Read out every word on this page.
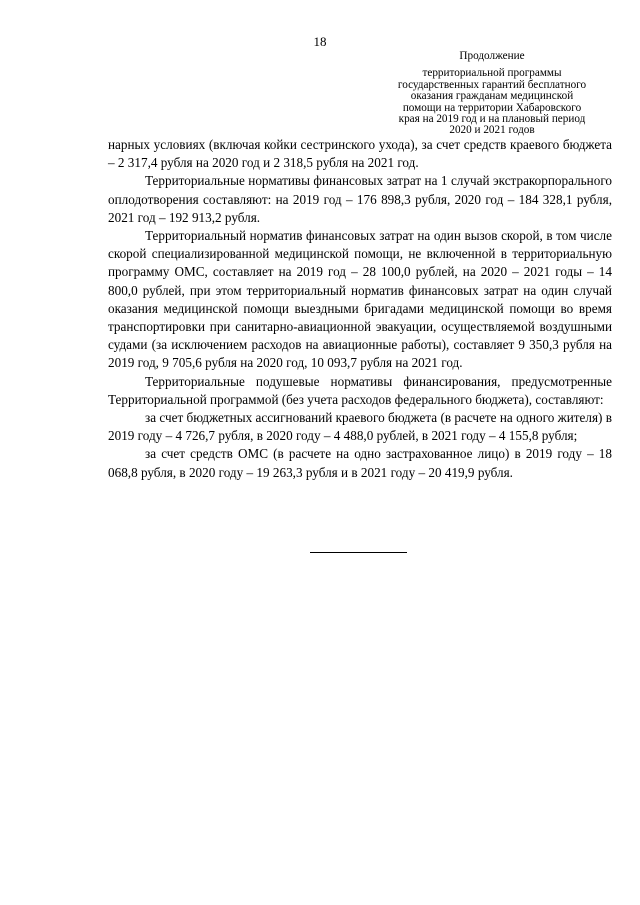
18
Продолжение
территориальной программы
государственных гарантий бесплатного
оказания гражданам медицинской
помощи на территории Хабаровского
края на 2019 год и на плановый период
2020 и 2021 годов

нарных условиях (включая койки сестринского ухода), за счет средств краевого бюджета – 2 317,4 рубля на 2020 год и 2 318,5 рубля на 2021 год.

Территориальные нормативы финансовых затрат на 1 случай экстракорпорального оплодотворения составляют: на 2019 год – 176 898,3 рубля, 2020 год – 184 328,1 рубля, 2021 год – 192 913,2 рубля.

Территориальный норматив финансовых затрат на один вызов скорой, в том числе скорой специализированной медицинской помощи, не включенной в территориальную программу ОМС, составляет на 2019 год – 28 100,0 рублей, на 2020 – 2021 годы – 14 800,0 рублей, при этом территориальный норматив финансовых затрат на один случай оказания медицинской помощи выездными бригадами медицинской помощи во время транспортировки при санитарно-авиационной эвакуации, осуществляемой воздушными судами (за исключением расходов на авиационные работы), составляет 9 350,3 рубля на 2019 год, 9 705,6 рубля на 2020 год, 10 093,7 рубля на 2021 год.

Территориальные подушевые нормативы финансирования, предусмотренные Территориальной программой (без учета расходов федерального бюджета), составляют:

за счет бюджетных ассигнований краевого бюджета (в расчете на одного жителя) в 2019 году – 4 726,7 рубля, в 2020 году – 4 488,0 рублей, в 2021 году – 4 155,8 рубля;

за счет средств ОМС (в расчете на одно застрахованное лицо) в 2019 году – 18 068,8 рубля, в 2020 году – 19 263,3 рубля и в 2021 году – 20 419,9 рубля.
